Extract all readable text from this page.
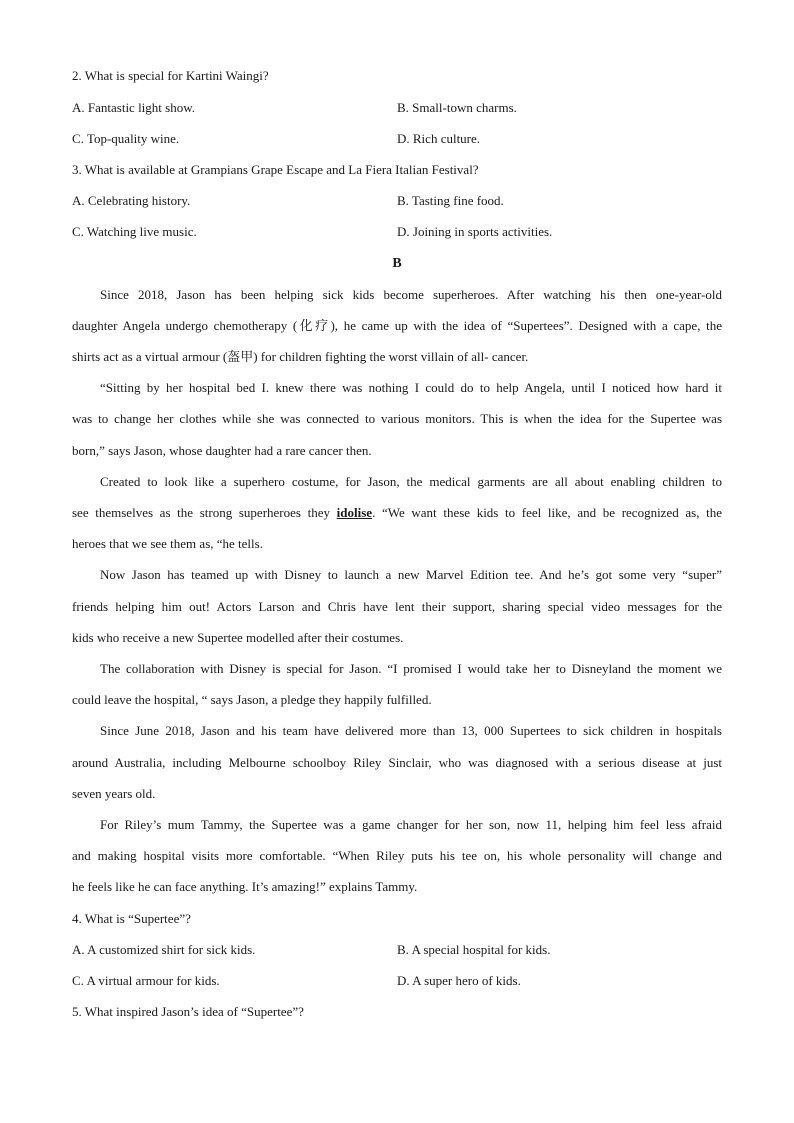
2. What is special for Kartini Waingi?
A. Fantastic light show.	B. Small-town charms.
C. Top-quality wine.	D. Rich culture.
3. What is available at Grampians Grape Escape and La Fiera Italian Festival?
A. Celebrating history.	B. Tasting fine food.
C. Watching live music.	D. Joining in sports activities.
B
Since 2018, Jason has been helping sick kids become superheroes. After watching his then one-year-old
daughter Angela undergo chemotherapy (化疗), he came up with the idea of “Supertees”. Designed with a cape, the
shirts act as a virtual armour (盔甲) for children fighting the worst villain of all- cancer.
“Sitting by her hospital bed I. knew there was nothing I could do to help Angela, until I noticed how hard it
was to change her clothes while she was connected to various monitors. This is when the idea for the Supertee was
born,” says Jason, whose daughter had a rare cancer then.
Created to look like a superhero costume, for Jason, the medical garments are all about enabling children to
see themselves as the strong superheroes they idolise. “We want these kids to feel like, and be recognized as, the
heroes that we see them as, “he tells.
Now Jason has teamed up with Disney to launch a new Marvel Edition tee. And he’s got some very “super”
friends helping him out! Actors Larson and Chris have lent their support, sharing special video messages for the
kids who receive a new Supertee modelled after their costumes.
The collaboration with Disney is special for Jason. “I promised I would take her to Disneyland the moment we
could leave the hospital, “ says Jason, a pledge they happily fulfilled.
Since June 2018, Jason and his team have delivered more than 13, 000 Supertees to sick children in hospitals
around Australia, including Melbourne schoolboy Riley Sinclair, who was diagnosed with a serious disease at just
seven years old.
For Riley’s mum Tammy, the Supertee was a game changer for her son, now 11, helping him feel less afraid
and making hospital visits more comfortable. “When Riley puts his tee on, his whole personality will change and
he feels like he can face anything. It’s amazing!” explains Tammy.
4. What is “Supertee”?
A. A customized shirt for sick kids.	B. A special hospital for kids.
C. A virtual armour for kids.	D. A super hero of kids.
5. What inspired Jason’s idea of “Supertee”?
